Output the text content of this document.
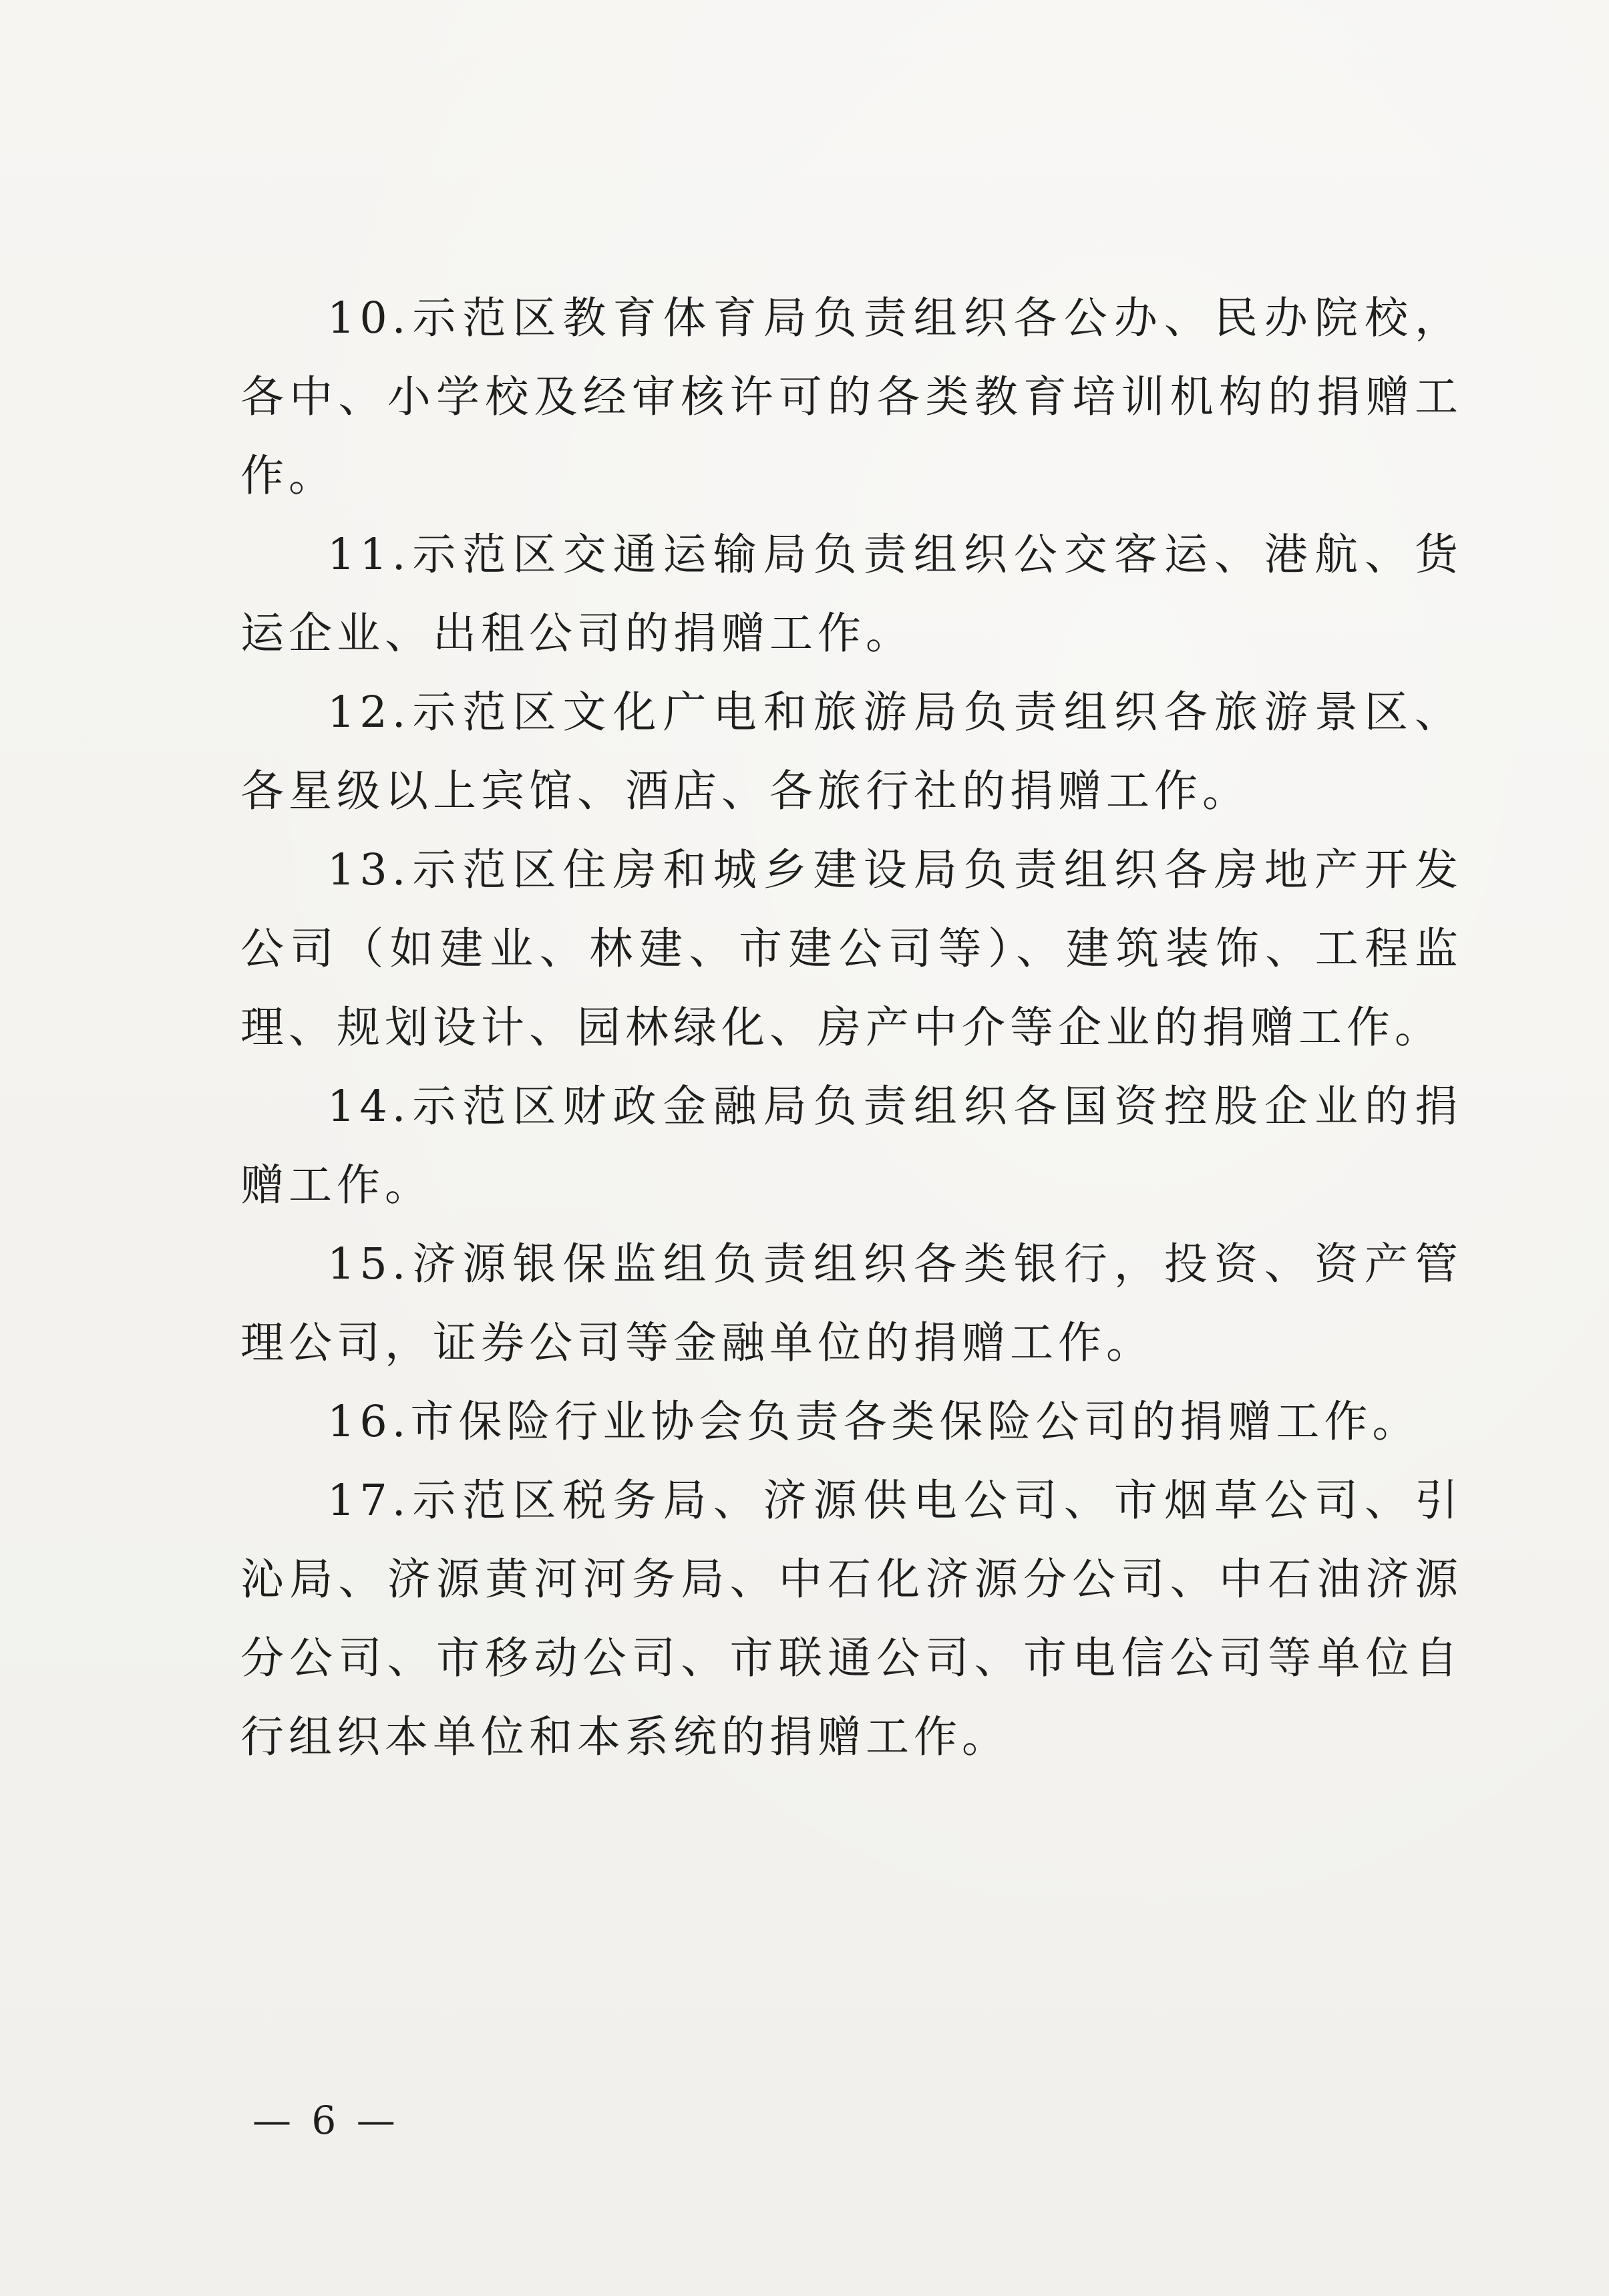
10.示范区教育体育局负责组织各公办、民办院校，各中、小学校及经审核许可的各类教育培训机构的捐赠工作。

11.示范区交通运输局负责组织公交客运、港航、货运企业、出租公司的捐赠工作。

12.示范区文化广电和旅游局负责组织各旅游景区、各星级以上宾馆、酒店、各旅行社的捐赠工作。

13.示范区住房和城乡建设局负责组织各房地产开发公司（如建业、林建、市建公司等）、建筑装饰、工程监理、规划设计、园林绿化、房产中介等企业的捐赠工作。

14.示范区财政金融局负责组织各国资控股企业的捐赠工作。

15.济源银保监组负责组织各类银行，投资、资产管理公司，证券公司等金融单位的捐赠工作。

16.市保险行业协会负责各类保险公司的捐赠工作。

17.示范区税务局、济源供电公司、市烟草公司、引沁局、济源黄河河务局、中石化济源分公司、中石油济源分公司、市移动公司、市联通公司、市电信公司等单位自行组织本单位和本系统的捐赠工作。

— 6 —
